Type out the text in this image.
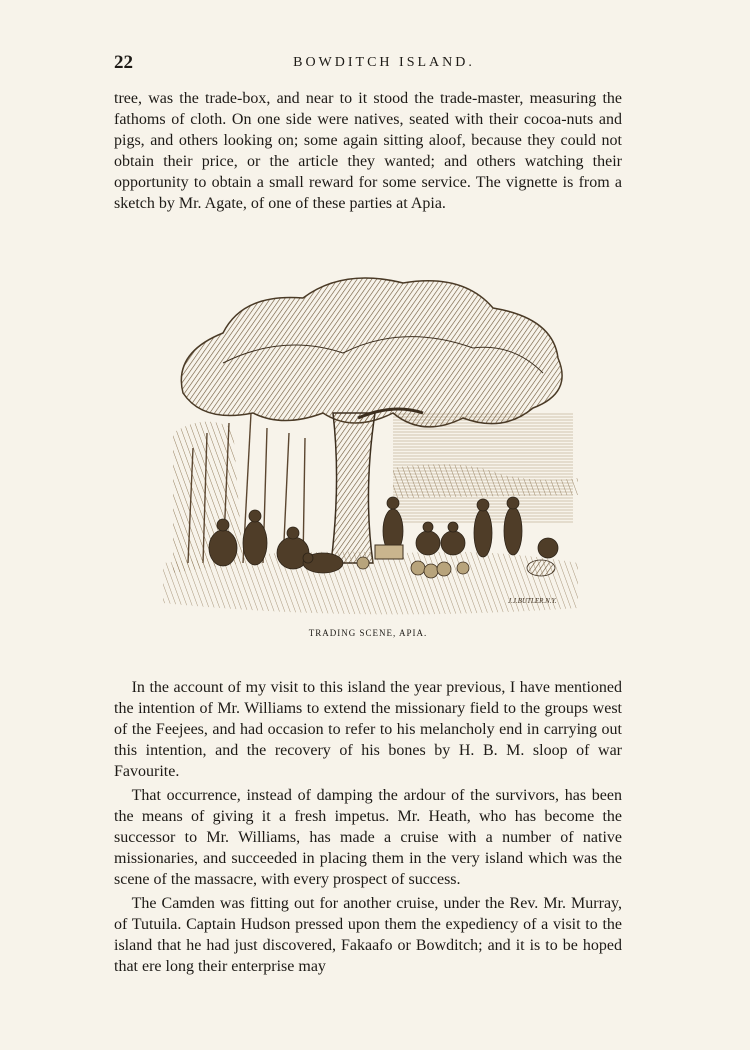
22	BOWDITCH ISLAND.

tree, was the trade-box, and near to it stood the trade-master, measuring the fathoms of cloth. On one side were natives, seated with their cocoa-nuts and pigs, and others looking on; some again sitting aloof, because they could not obtain their price, or the article they wanted; and others watching their opportunity to obtain a small reward for some service. The vignette is from a sketch by Mr. Agate, of one of these parties at Apia.

J.J.BUTLER.N.Y.
TRADING SCENE, APIA.

In the account of my visit to this island the year previous, I have mentioned the intention of Mr. Williams to extend the missionary field to the groups west of the Feejees, and had occasion to refer to his melancholy end in carrying out this intention, and the recovery of his bones by H. B. M. sloop of war Favourite.

That occurrence, instead of damping the ardour of the survivors, has been the means of giving it a fresh impetus. Mr. Heath, who has become the successor to Mr. Williams, has made a cruise with a number of native missionaries, and succeeded in placing them in the very island which was the scene of the massacre, with every prospect of success.

The Camden was fitting out for another cruise, under the Rev. Mr. Murray, of Tutuila. Captain Hudson pressed upon them the expediency of a visit to the island that he had just discovered, Fakaafo or Bowditch; and it is to be hoped that ere long their enterprise may
